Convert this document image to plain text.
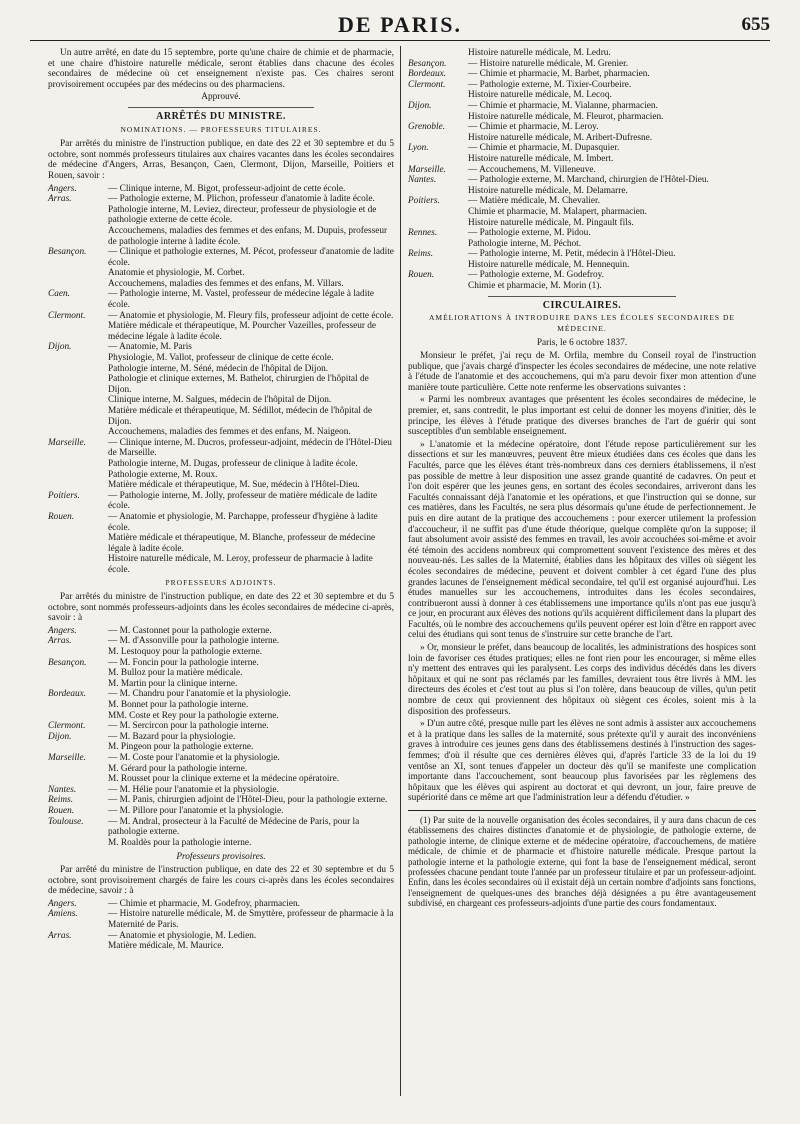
DE PARIS.	655

Un autre arrêté, en date du 15 septembre, porte qu'une chaire de chimie et de pharmacie, et une chaire d'histoire naturelle médicale, seront établies dans chacune des écoles secondaires de médecine où cet enseignement n'existe pas. Ces chaires seront provisoirement occupées par des médecins ou des pharmaciens.

Approuvé.

ARRÊTÉS DU MINISTRE.
NOMINATIONS. — PROFESSEURS TITULAIRES.

Par arrêtés du ministre de l'instruction publique, en date des 22 et 30 septembre et du 5 octobre, sont nommés professeurs titulaires aux chaires vacantes dans les écoles secondaires de médecine d'Angers, Arras, Besançon, Caen, Clermont, Dijon, Marseille, Poitiers et Rouen, savoir :

Angers.	— Clinique interne, M. Bigot, professeur-adjoint de cette école.
Arras.	— Pathologie externe, M. Plichon, professeur d'anatomie à ladite école.
Pathologie interne, M. Leviez, directeur, professeur de physiologie et de pathologie externe de cette école.
Accouchemens, maladies des femmes et des enfans, M. Dupuis, professeur de pathologie interne à ladite école.
Besançon.	— Clinique et pathologie externes, M. Pécot, professeur d'anatomie de ladite école.
Anatomie et physiologie, M. Corbet.
Accouchemens, maladies des femmes et des enfans, M. Villars.
Caen.	— Pathologie interne, M. Vastel, professeur de médecine légale à ladite école.
Clermont.	— Anatomie et physiologie, M. Fleury fils, professeur adjoint de cette école.
Matière médicale et thérapeutique, M. Pourcher Vazeilles, professeur de médecine légale à ladite école.
Dijon.	— Anatomie, M. Paris
Physiologie, M. Vallot, professeur de clinique de cette école.
Pathologie interne, M. Séné, médecin de l'hôpital de Dijon.
Pathologie et clinique externes, M. Bathelot, chirurgien de l'hôpital de Dijon.
Clinique interne, M. Salgues, médecin de l'hôpital de Dijon.
Matière médicale et thérapeutique, M. Sédillot, médecin de l'hôpital de Dijon.
Accouchemens, maladies des femmes et des enfans, M. Naigeon.
Marseille.	— Clinique interne, M. Ducros, professeur-adjoint, médecin de l'Hôtel-Dieu de Marseille.
Pathologie interne, M. Dugas, professeur de clinique à ladite école.
Pathologie externe, M. Roux.
Matière médicale et thérapeutique, M. Sue, médecin à l'Hôtel-Dieu.
Poitiers.	— Pathologie interne, M. Jolly, professeur de matière médicale de ladite école.
Rouen.	— Anatomie et physiologie, M. Parchappe, professeur d'hygiène à ladite école.
Matière médicale et thérapeutique, M. Blanche, professeur de médecine légale à ladite école.
Histoire naturelle médicale, M. Leroy, professeur de pharmacie à ladite école.
PROFESSEURS ADJOINTS.

Par arrêtés du ministre de l'instruction publique, en date des 22 et 30 septembre et du 5 octobre, sont nommés professeurs-adjoints dans les écoles secondaires de médecine ci-après, savoir : à

Angers.	— M. Castonnet pour la pathologie externe.
Arras.	— M. d'Assonville pour la pathologie interne.
M. Lestoquoy pour la pathologie externe.
Besançon.	— M. Foncin pour la pathologie interne.
M. Bulloz pour la matière médicale.
M. Martin pour la clinique interne.
Bordeaux.	— M. Chandru pour l'anatomie et la physiologie.
M. Bonnet pour la pathologie interne.
MM. Coste et Rey pour la pathologie externe.
Clermont.	— M. Sercircon pour la pathologie interne.
Dijon.	— M. Bazard pour la physiologie.
M. Pingeon pour la pathologie externe.
Marseille.	— M. Coste pour l'anatomie et la physiologie.
M. Gérard pour la pathologie interne.
M. Rousset pour la clinique externe et la médecine opératoire.
Nantes.	— M. Hélie pour l'anatomie et la physiologie.
Reims.	— M. Panis, chirurgien adjoint de l'Hôtel-Dieu, pour la pathologie externe.
Rouen.	— M. Pillore pour l'anatomie et la physiologie.
Toulouse.	— M. Andral, prosecteur à la Faculté de Médecine de Paris, pour la pathologie externe.
M. Roaldès pour la pathologie interne.
Professeurs provisoires.

Par arrêté du ministre de l'instruction publique, en date des 22 et 30 septembre et du 5 octobre, sont provisoirement chargés de faire les cours ci-après dans les écoles secondaires de médecine, savoir : à

Angers.	— Chimie et pharmacie, M. Godefroy, pharmacien.
Amiens.	— Histoire naturelle médicale, M. de Smyttère, professeur de pharmacie à la Maternité de Paris.
Arras.	— Anatomie et physiologie, M. Ledien.
Matière médicale, M. Maurice.
Histoire naturelle médicale, M. Ledru.
Besançon.	— Histoire naturelle médicale, M. Grenier.
Bordeaux.	— Chimie et pharmacie, M. Barbet, pharmacien.
Clermont.	— Pathologie externe, M. Tixier-Courbeire.
Histoire naturelle médicale, M. Lecoq.
Dijon.	— Chimie et pharmacie, M. Vialanne, pharmacien.
Histoire naturelle médicale, M. Fleurot, pharmacien.
Grenoble.	— Chimie et pharmacie, M. Leroy.
Histoire naturelle médicale, M. Aribert-Dufresne.
Lyon.	— Chimie et pharmacie, M. Dupasquier.
Histoire naturelle médicale, M. Imbert.
Marseille.	— Accouchemens, M. Villeneuve.
Nantes.	— Pathologie externe, M. Marchand, chirurgien de l'Hôtel-Dieu.
Histoire naturelle médicale, M. Delamarre.
Poitiers.	— Matière médicale, M. Chevalier.
Chimie et pharmacie, M. Malapert, pharmacien.
Histoire naturelle médicale, M. Pingault fils.
Rennes.	— Pathologie externe, M. Pidou.
Pathologie interne, M. Péchot.
Reims.	— Pathologie interne, M. Petit, médecin à l'Hôtel-Dieu.
Histoire naturelle médicale, M. Hennequin.
Rouen.	— Pathologie externe, M. Godefroy.
Chimie et pharmacie, M. Morin (1).
CIRCULAIRES.
AMÉLIORATIONS À INTRODUIRE DANS LES ÉCOLES SECONDAIRES DE MÉDECINE.
Paris, le 6 octobre 1837.

Monsieur le préfet, j'ai reçu de M. Orfila, membre du Conseil royal de l'instruction publique, que j'avais chargé d'inspecter les écoles secondaires de médecine, une note relative à l'étude de l'anatomie et des accouchemens, qui m'a paru devoir fixer mon attention d'une manière toute particulière. Cette note renferme les observations suivantes :

« Parmi les nombreux avantages que présentent les écoles secondaires de médecine, le premier, et, sans contredit, le plus important est celui de donner les moyens d'initier, dès le principe, les élèves à l'étude pratique des diverses branches de l'art de guérir qui sont susceptibles d'un semblable enseignement.

» L'anatomie et la médecine opératoire, dont l'étude repose particulièrement sur les dissections et sur les manœuvres, peuvent être mieux étudiées dans ces écoles que dans les Facultés, parce que les élèves étant très-nombreux dans ces derniers établissemens, il n'est pas possible de mettre à leur disposition une assez grande quantité de cadavres. On peut et l'on doit espérer que les jeunes gens, en sortant des écoles secondaires, arriveront dans les Facultés connaissant déjà l'anatomie et les opérations, et que l'instruction qui se donne, sur ces matières, dans les Facultés, ne sera plus désormais qu'une étude de perfectionnement. Je puis en dire autant de la pratique des accouchemens : pour exercer utilement la profession d'accoucheur, il ne suffit pas d'une étude théorique, quelque complète qu'on la suppose; il faut absolument avoir assisté des femmes en travail, les avoir accouchées soi-même et avoir été témoin des accidens nombreux qui compromettent souvent l'existence des mères et des nouveau-nés. Les salles de la Maternité, établies dans les hôpitaux des villes où siègent les écoles secondaires de médecine, peuvent et doivent combler à cet égard l'une des plus grandes lacunes de l'enseignement médical secondaire, tel qu'il est organisé aujourd'hui. Les études manuelles sur les accouchemens, introduites dans les écoles secondaires, contribueront aussi à donner à ces établissemens une importance qu'ils n'ont pas eue jusqu'à ce jour, en procurant aux élèves des notions qu'ils acquièrent difficilement dans la plupart des Facultés, où le nombre des accouchemens qu'ils peuvent opérer est loin d'être en rapport avec celui des étudians qui sont tenus de s'instruire sur cette branche de l'art.

» Or, monsieur le préfet, dans beaucoup de localités, les administrations des hospices sont loin de favoriser ces études pratiques; elles ne font rien pour les encourager, si même elles n'y mettent des entraves qui les paralysent. Les corps des individus décédés dans les divers hôpitaux et qui ne sont pas réclamés par les familles, devraient tous être livrés à MM. les directeurs des écoles et c'est tout au plus si l'on tolère, dans beaucoup de villes, qu'un petit nombre de ceux qui proviennent des hôpitaux où siègent ces écoles, soient mis à la disposition des professeurs.

» D'un autre côté, presque nulle part les élèves ne sont admis à assister aux accouchemens et à la pratique dans les salles de la maternité, sous prétexte qu'il y aurait des inconvéniens graves à introduire ces jeunes gens dans des établissemens destinés à l'instruction des sages-femmes; d'où il résulte que ces dernières élèves qui, d'après l'article 33 de la loi du 19 ventôse an XI, sont tenues d'appeler un docteur dès qu'il se manifeste une complication importante dans l'accouchement, sont beaucoup plus favorisées par les règlemens des hôpitaux que les élèves qui aspirent au doctorat et qui devront, un jour, faire preuve de supériorité dans ce même art que l'administration leur a défendu d'étudier. »

(1) Par suite de la nouvelle organisation des écoles secondaires, il y aura dans chacun de ces établissemens des chaires distinctes d'anatomie et de physiologie, de pathologie externe, de pathologie interne, de clinique externe et de médecine opératoire, d'accouchemens, de matière médicale, de chimie et de pharmacie et d'histoire naturelle médicale. Presque partout la pathologie interne et la pathologie externe, qui font la base de l'enseignement médical, seront professées chacune pendant toute l'année par un professeur titulaire et par un professeur-adjoint. Enfin, dans les écoles secondaires où il existait déjà un certain nombre d'adjoints sans fonctions, l'enseignement de quelques-unes des branches déjà désignées a pu être avantageusement subdivisé, en chargeant ces professeurs-adjoints d'une partie des cours fondamentaux.
